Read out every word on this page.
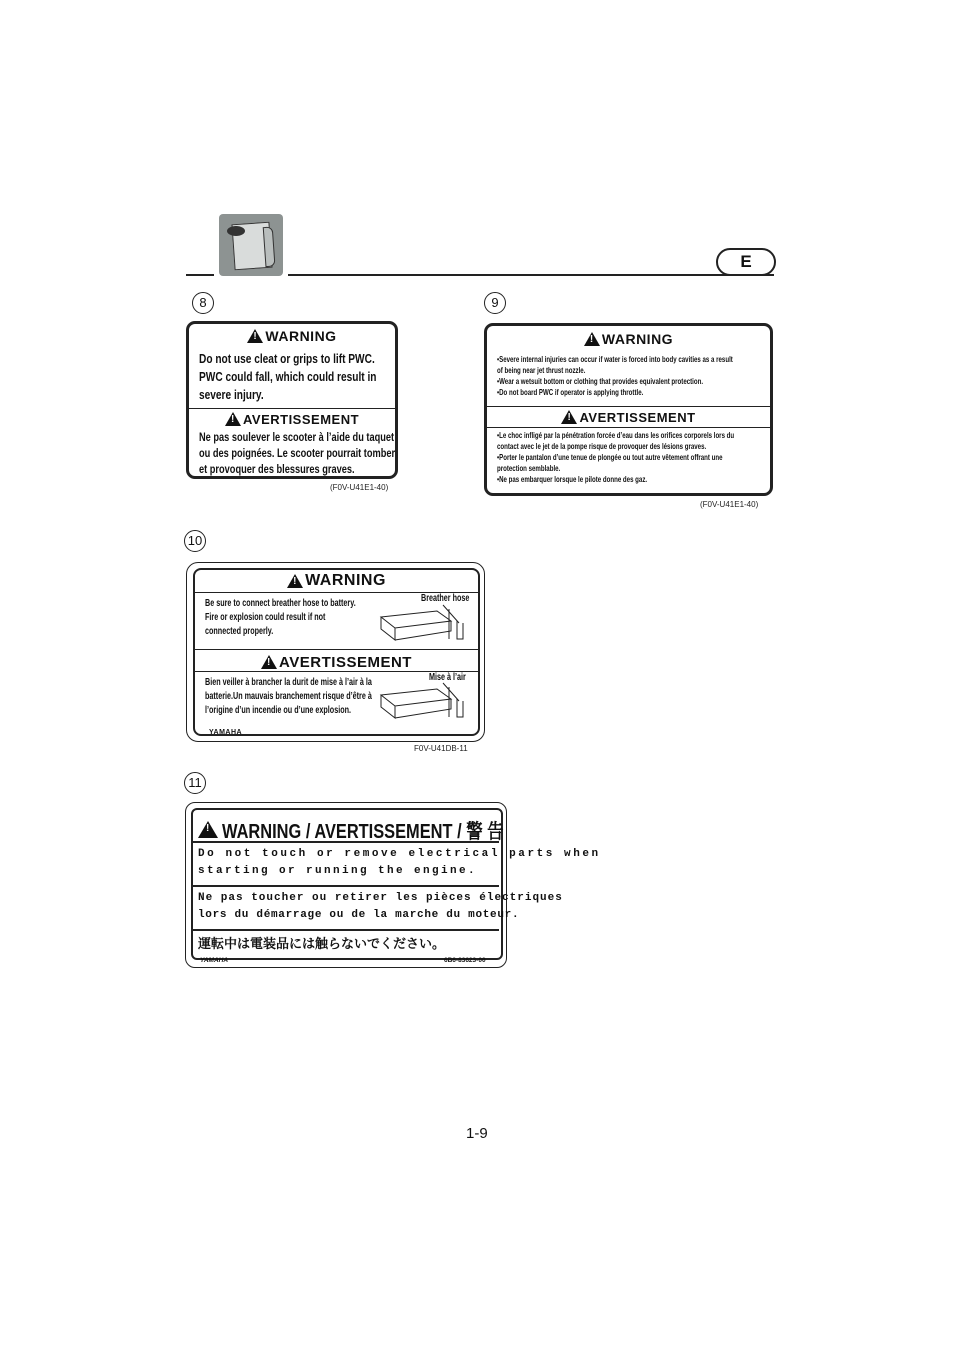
E
8
!
WARNING
Do not use cleat or grips to lift PWC.
PWC could fall, which could result in
severe injury.
!
AVERTISSEMENT
Ne pas soulever le scooter à l’aide du taquet
ou des poignées. Le scooter pourrait tomber
et provoquer des blessures graves.
(F0V-U41E1-40)
9
!
WARNING
•Severe internal injuries can occur if water is forced into body cavities as a result
of being near jet thrust nozzle.
•Wear a wetsuit bottom or clothing that provides equivalent protection.
•Do not board PWC if operator is applying throttle.
!
AVERTISSEMENT
•Le choc infligé par la pénétration forcée d’eau dans les orifices corporels lors du
contact avec le jet de la pompe risque de provoquer des lésions graves.
•Porter le pantalon d’une tenue de plongée ou tout autre vêtement offrant une
protection semblable.
•Ne pas embarquer lorsque le pilote donne des gaz.
(F0V-U41E1-40)
10
!
WARNING
Be sure to connect breather hose to battery.
Fire or explosion could result if not
connected properly.
Breather hose
!
AVERTISSEMENT
Bien veiller à brancher la durit de mise à l’air à la
batterie.Un mauvais branchement risque d’être à
l’origine d’un incendie ou d’une explosion.
Mise à l’air
YAMAHA
F0V-U41DB-11
11
!
WARNING / AVERTISSEMENT / 警 告
Do not touch or remove electrical parts when
starting or running the engine.
Ne pas toucher ou retirer les pièces électriques
lors du démarrage ou de la marche du moteur.
運転中は電装品には触らないでください。
YAMAHA	6B6-83623-00
1-9
